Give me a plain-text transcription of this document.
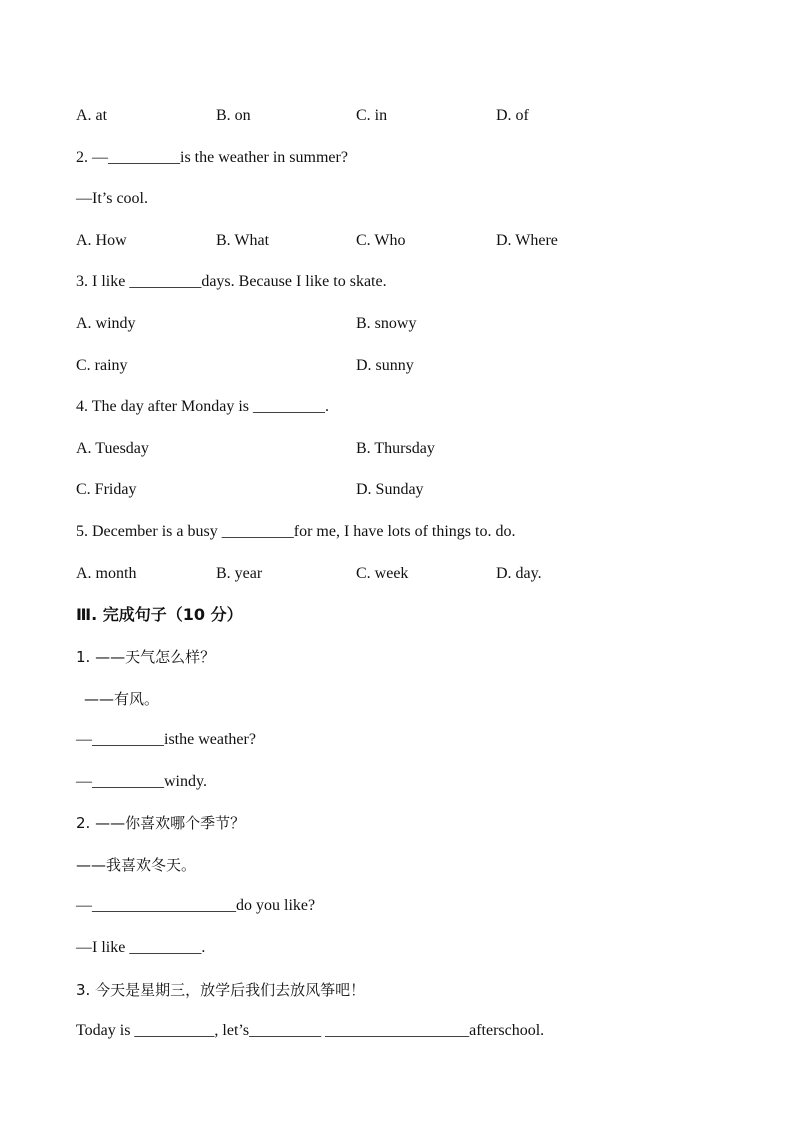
A. at	B. on	C. in	D. of
2. —_________is the weather in summer?
—It’s cool.
A. How	B. What	C. Who	D. Where
3. I like _________days. Because I like to skate.
A. windy	B. snowy
C. rainy	D. sunny
4. The day after Monday is _________.
A. Tuesday	B. Thursday
C. Friday	D. Sunday
5. December is a busy _________for me, I have lots of things to. do.
A. month	B. year	C. week	D. day.
Ⅲ. 完成句子（10 分）
1. ——天气怎么样？
——有风。
—_________isthe weather?
—_________windy.
2. ——你喜欢哪个季节？
——我喜欢冬天。
—__________________do you like?
—I like _________.
3. 今天是星期三，放学后我们去放风筝吧！
Today is __________, let’s_________ __________________afterschool.
